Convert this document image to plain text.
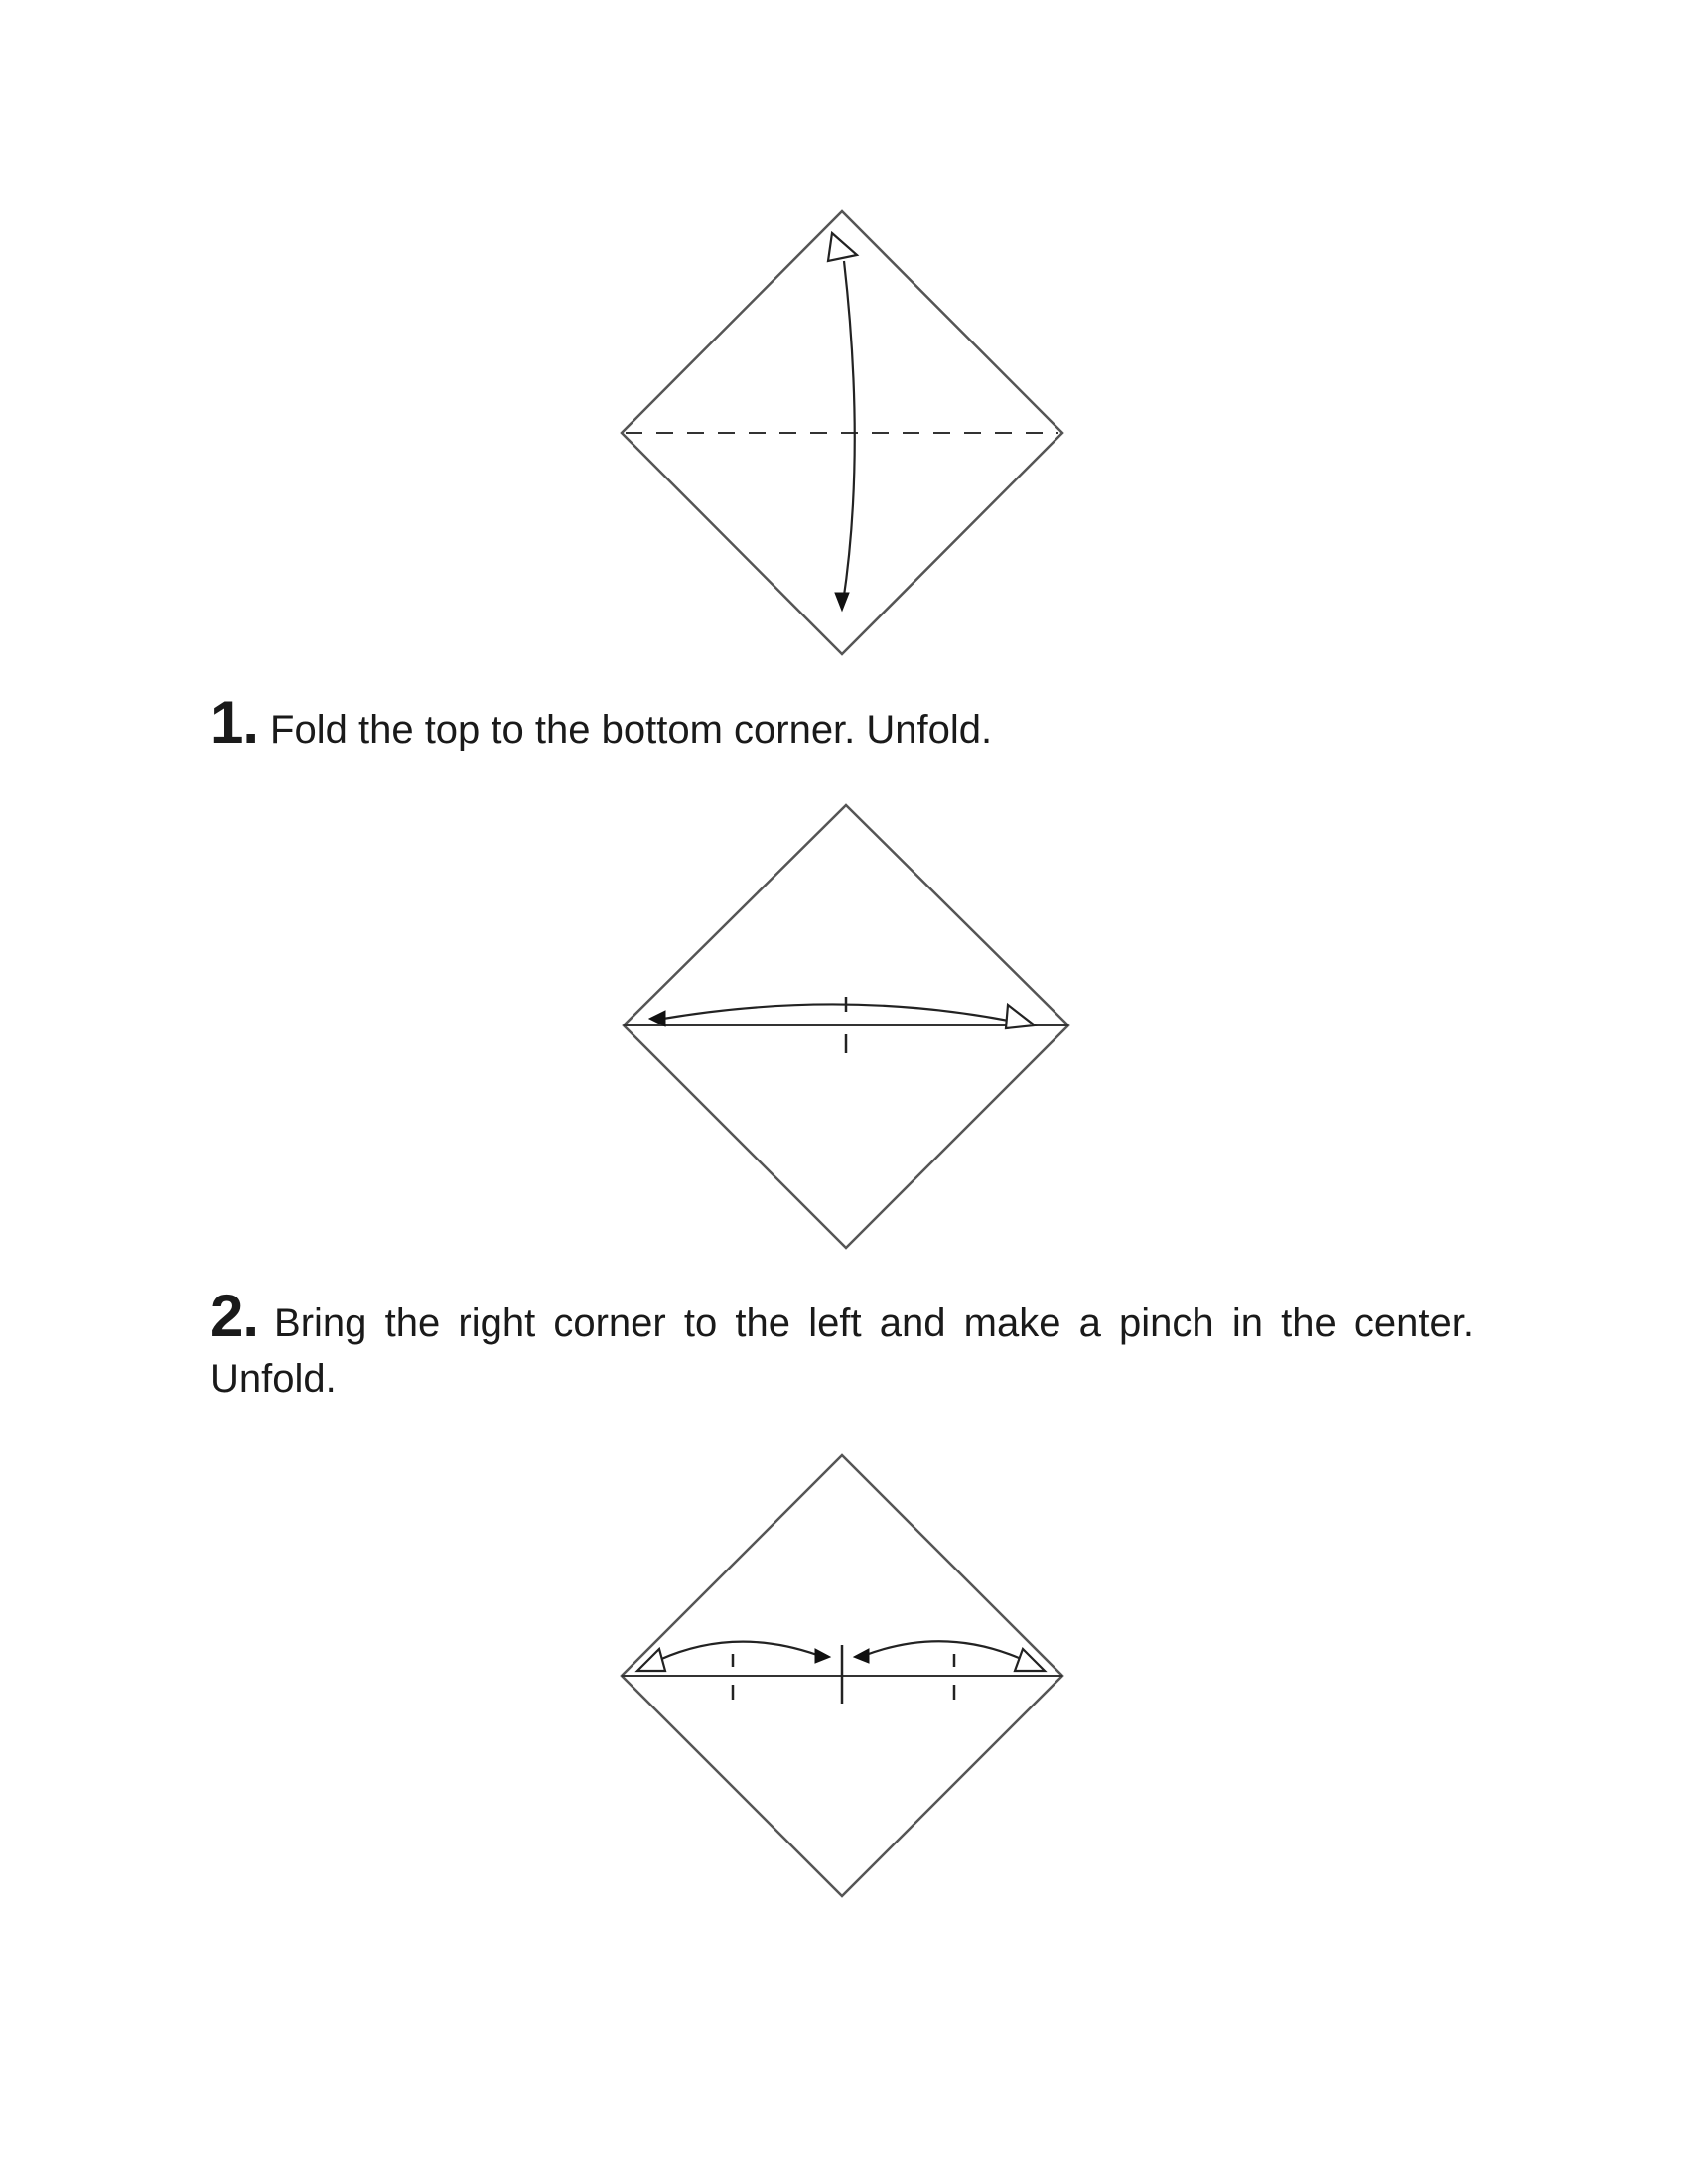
1. Fold the top to the bottom corner. Unfold.

2. Bring the right corner to the left and make a pinch in the center. Unfold.
